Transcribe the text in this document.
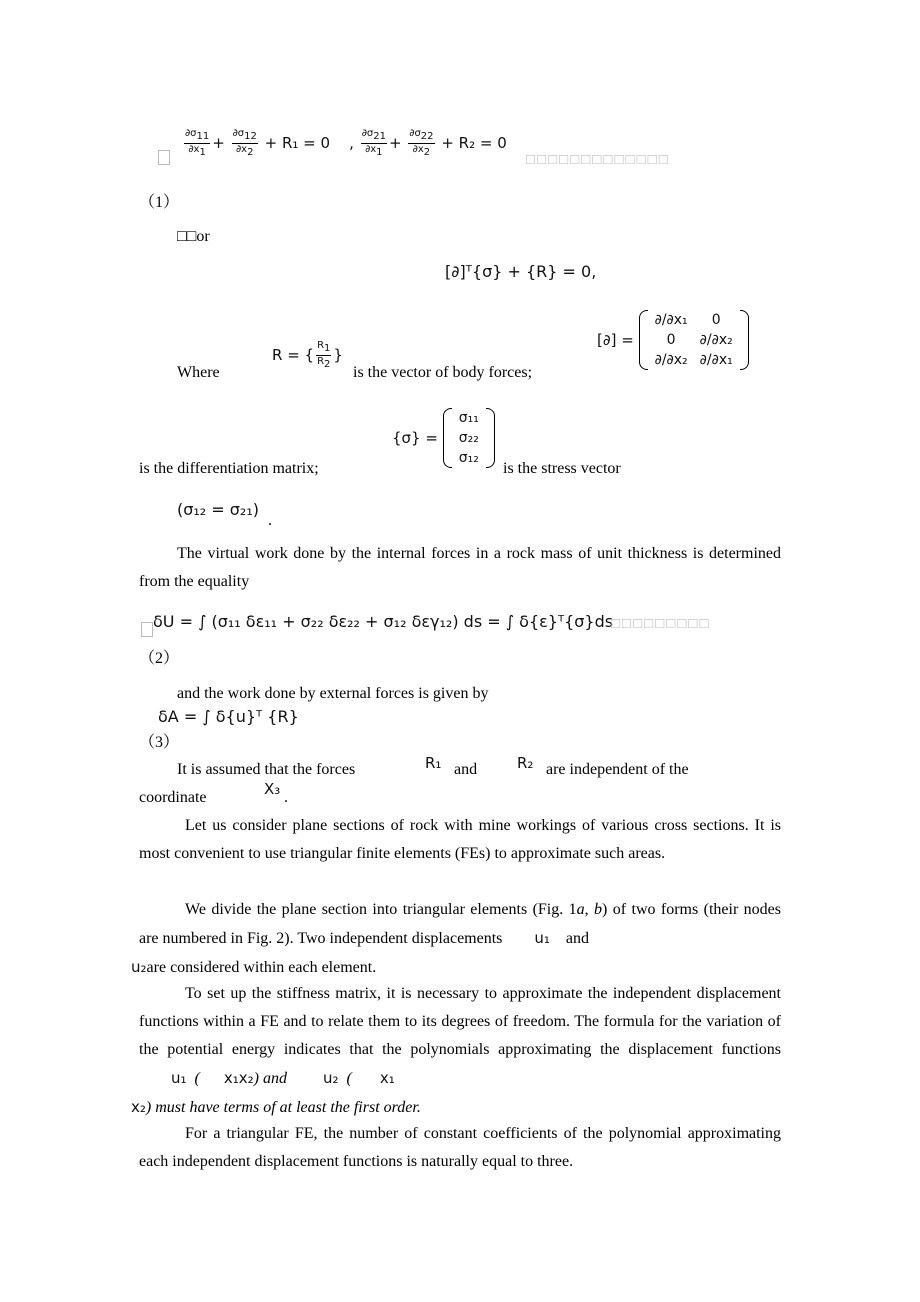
$\frac{\partial\sigma_{11}}{\partial x_1} + \frac{\partial\sigma_{12}}{\partial x_2} + R_1 = 0$ , $\frac{\partial\sigma_{21}}{\partial x_1} + \frac{\partial\sigma_{22}}{\partial x_2} + R_2 = 0$
□□□□□□□□□□□□□
（1）
□□or
[∂]ᵀ{σ} + {R} = 0,
Where
R = { $\frac{R_1}{R_2}$ }
is the vector of body forces;
[∂] =
∂/∂x₁	0
0	∂/∂x₂
∂/∂x₂	∂/∂x₁
{σ} =
σ₁₁
σ₂₂
σ₁₂
is the differentiation matrix;	is the stress vector
(σ₁₂ = σ₂₁)
.
The virtual work done by the internal forces in a rock mass of unit thickness is determined from the equality
δU = ∫ (σ₁₁ δε₁₁ + σ₂₂ δε₂₂ + σ₁₂ δεγ₁₂) ds = ∫ δ{ε}ᵀ{σ}ds
□□□□□□□□□
（2）
and the work done by external forces is given by
δA = ∫ δ{u}ᵀ {R}
（3）
It is assumed that the forces	R₁ and	R₂ are independent of the
coordinate	X₃ .
Let us consider plane sections of rock with mine workings of various cross sections. It is most convenient to use triangular finite elements (FEs) to approximate such areas.
We divide the plane section into triangular elements (Fig. 1a, b) of two forms (their nodes are numbered in Fig. 2). Two independent displacements u₁ and
u₂are considered within each element.
To set up the stiffness matrix, it is necessary to approximate the independent displacement functions within a FE and to relate them to its degrees of freedom. The formula for the variation of the potential energy indicates that the polynomials approximating the displacement functions         u₁ ( x₁x₂) and u₂ ( x₁
x₂) must have terms of at least the first order.
For a triangular FE, the number of constant coefficients of the polynomial approximating each independent displacement functions is naturally equal to three.
